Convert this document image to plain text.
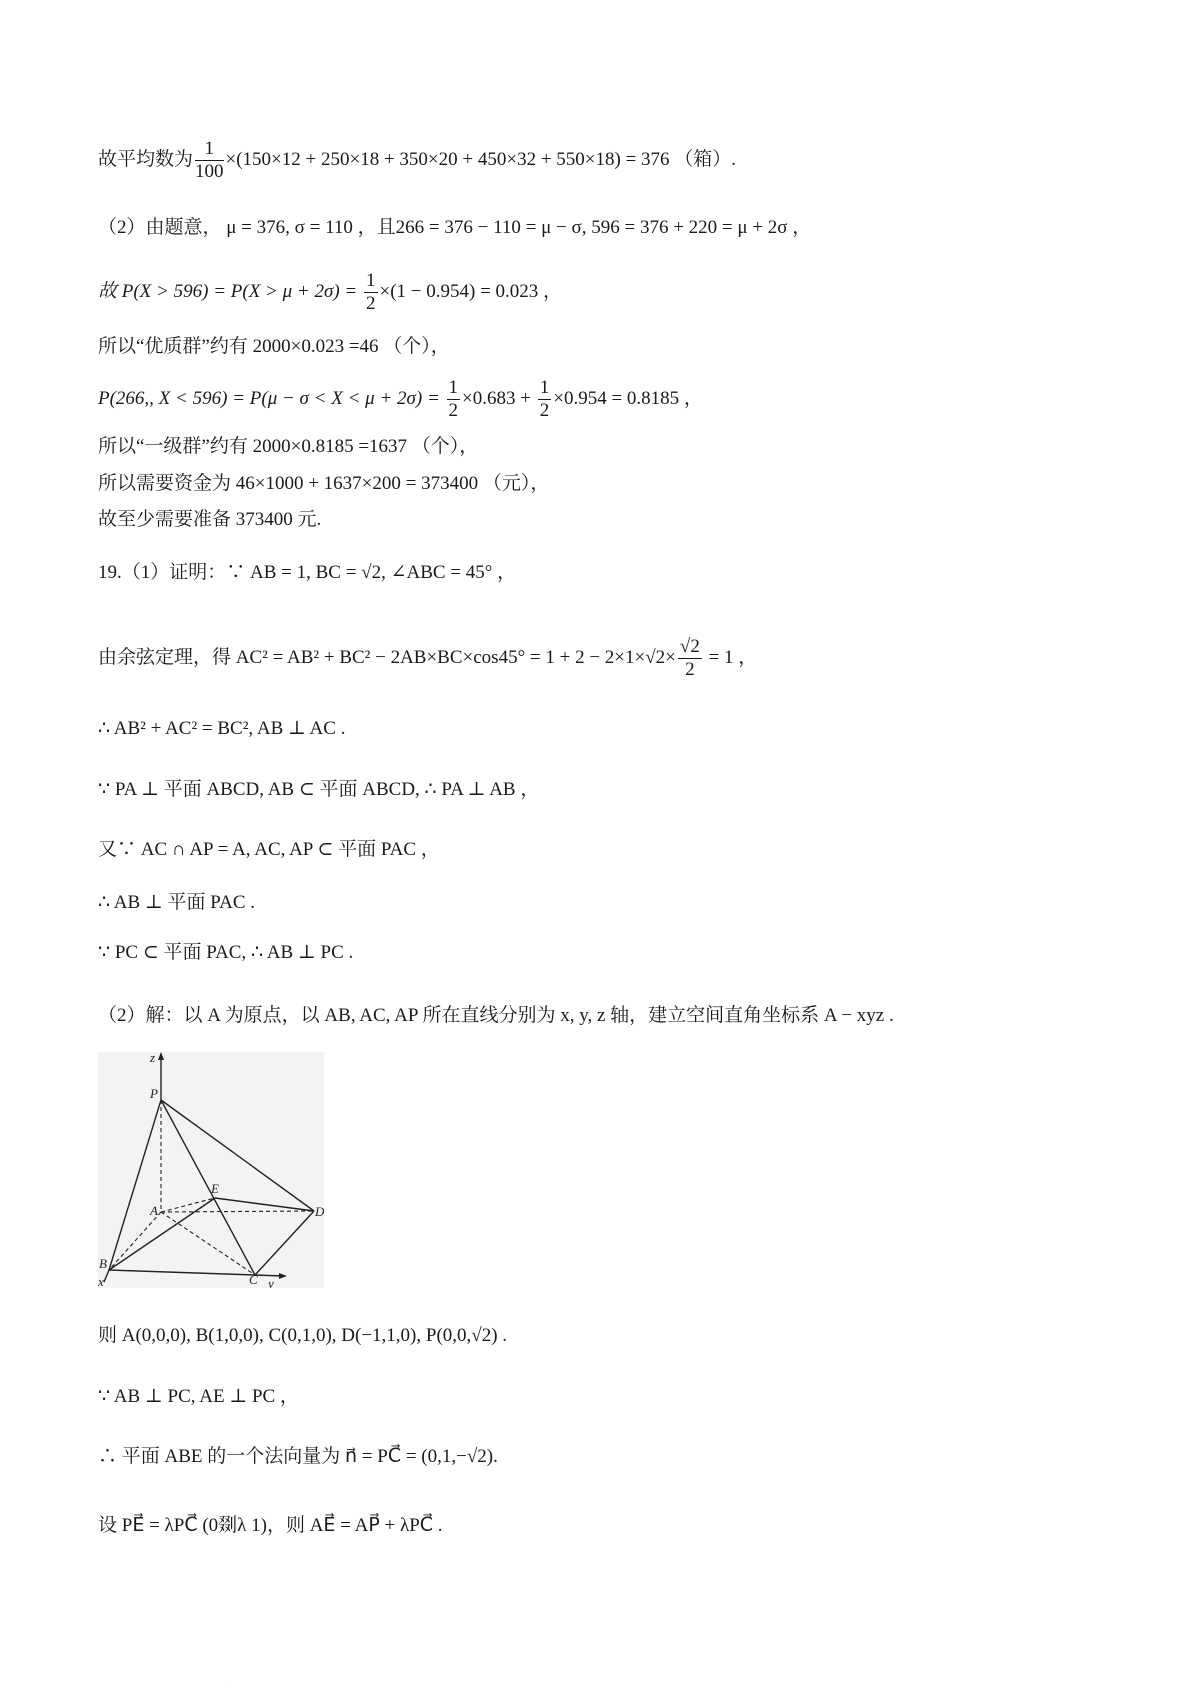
故平均数为 $\frac{1}{100} \times(150\times 12 + 250\times 18 + 350\times 20 + 450\times 32 + 550\times 18) = 376$ （箱）.
（2）由题意， μ = 376, σ = 110 ，且266 = 376 − 110 = μ − σ, 596 = 376 + 220 = μ + 2σ ，
故 $P(X > 596) = P(X > \mu + 2\sigma) = \frac{1}{2} \times(1 - 0.954) = 0.023$ ，
所以“优质群”约有 2000×0.023 =46 （个），
P(266,, $X < 596) = P(\mu - \sigma < X < \mu + 2\sigma) = \frac{1}{2} \times 0.683 + \frac{1}{2} \times 0.954 = 0.8185$ ，
所以“一级群”约有 2000×0.8185 =1637 （个），
所以需要资金为 46×1000 + 1637×200 = 373400 （元），
故至少需要准备 373400 元.
19.（1）证明：∵ AB = 1, BC = √2, ∠ABC = 45° ，
由余弦定理，得 $AC^2 = AB^2 + BC^2 - 2AB\times BC\times\cos 45^\circ = 1 + 2 - 2\times 1\times√2\times \frac{√2}{2} = 1$ ，
∴ AB² + AC² = BC², AB ⊥ AC .
∵ PA ⊥ 平面 ABCD, AB ⊂ 平面 ABCD, ∴ PA ⊥ AB ，
又∵ AC ∩ AP = A, AC, AP ⊂ 平面 PAC ，
∴ AB ⊥ 平面 PAC .
∵ PC ⊂ 平面 PAC, ∴ AB ⊥ PC .
（2）解：以 A 为原点，以 AB, AC, AP 所在直线分别为 x, y, z 轴，建立空间直角坐标系 A − xyz .
z
P
E
A	D
B
C
x	y
则 A(0,0,0), B(1,0,0), C(0,1,0), D(−1,1,0), P(0,0,√2) .
∵ AB ⊥ PC, AE ⊥ PC ，
∴ 平面 ABE 的一个法向量为 n⃗ = PC⃗ = (0,1,−√2).
设 PE⃗ = λPC⃗ (0剟λ 1)，则 AE⃗ = AP⃗ + λPC⃗ .
.
